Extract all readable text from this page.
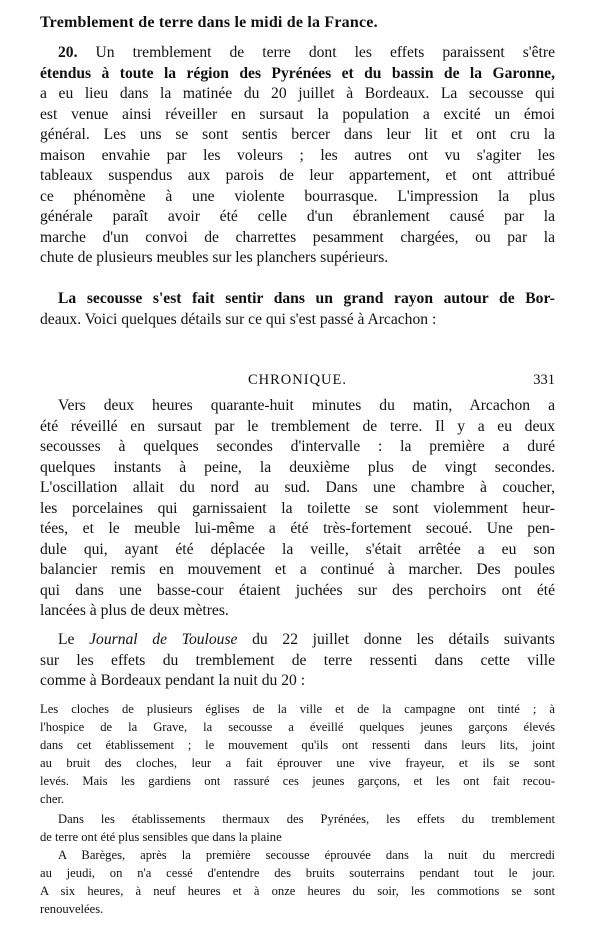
Tremblement de terre dans le midi de la France.
20. Un tremblement de terre dont les effets paraissent s'être
étendus à toute la région des Pyrénées et du bassin de la Garonne,
a eu lieu dans la matinée du 20 juillet à Bordeaux. La secousse qui
est venue ainsi réveiller en sursaut la population a excité un émoi
général. Les uns se sont sentis bercer dans leur lit et ont cru la
maison envahie par les voleurs ; les autres ont vu s'agiter les
tableaux suspendus aux parois de leur appartement, et ont attribué
ce phénomène à une violente bourrasque. L'impression la plus
générale paraît avoir été celle d'un ébranlement causé par la
marche d'un convoi de charrettes pesamment chargées, ou par la
chute de plusieurs meubles sur les planchers supérieurs.
La secousse s'est fait sentir dans un grand rayon autour de Bor-
deaux. Voici quelques détails sur ce qui s'est passé à Arcachon :
CHRONIQUE.	331
Vers deux heures quarante-huit minutes du matin, Arcachon a
été réveillé en sursaut par le tremblement de terre. Il y a eu deux
secousses à quelques secondes d'intervalle : la première a duré
quelques instants à peine, la deuxième plus de vingt secondes.
L'oscillation allait du nord au sud. Dans une chambre à coucher,
les porcelaines qui garnissaient la toilette se sont violemment heur-
tées, et le meuble lui-même a été très-fortement secoué. Une pen-
dule qui, ayant été déplacée la veille, s'était arrêtée a eu son
balancier remis en mouvement et a continué à marcher. Des poules
qui dans une basse-cour étaient juchées sur des perchoirs ont été
lancées à plus de deux mètres.
Le Journal de Toulouse du 22 juillet donne les détails suivants
sur les effets du tremblement de terre ressenti dans cette ville
comme à Bordeaux pendant la nuit du 20 :
Les cloches de plusieurs églises de la ville et de la campagne ont tinté ; à
l'hospice de la Grave, la secousse a éveillé quelques jeunes garçons élevés
dans cet établissement ; le mouvement qu'ils ont ressenti dans leurs lits, joint
au bruit des cloches, leur a fait éprouver une vive frayeur, et ils se sont
levés. Mais les gardiens ont rassuré ces jeunes garçons, et les ont fait recou-
cher.
Dans les établissements thermaux des Pyrénées, les effets du tremblement
de terre ont été plus sensibles que dans la plaine
A Barèges, après la première secousse éprouvée dans la nuit du mercredi
au jeudi, on n'a cessé d'entendre des bruits souterrains pendant tout le jour.
A six heures, à neuf heures et à onze heures du soir, les commotions se sont
renouvelées.
